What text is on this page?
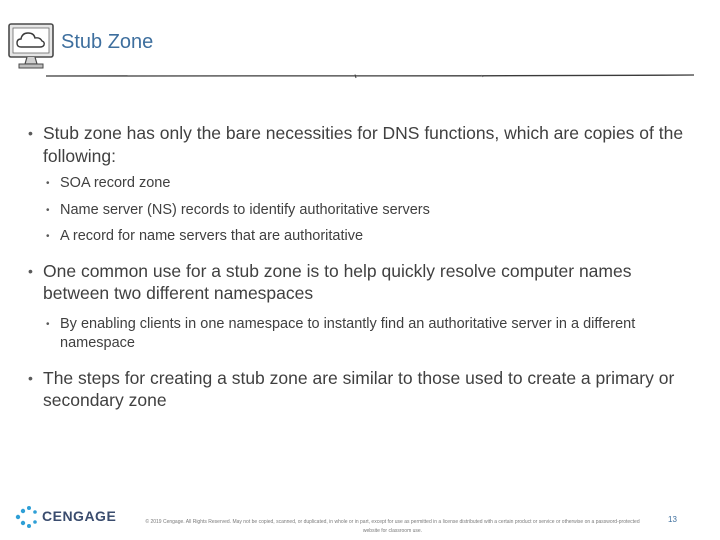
Stub Zone
• Stub zone has only the bare necessities for DNS functions, which are copies of the following:
• SOA record zone
• Name server (NS) records to identify authoritative servers
• A record for name servers that are authoritative
• One common use for a stub zone is to help quickly resolve computer names between two different namespaces
• By enabling clients in one namespace to instantly find an authoritative server in a different namespace
• The steps for creating a stub zone are similar to those used to create a primary or secondary zone
CENGAGE	© 2019 Cengage. All Rights Reserved. May not be copied, scanned, or duplicated, in whole or in part, except for use as permitted in a license distributed with a certain product or service or otherwise on a password-protected website for classroom use.
13
